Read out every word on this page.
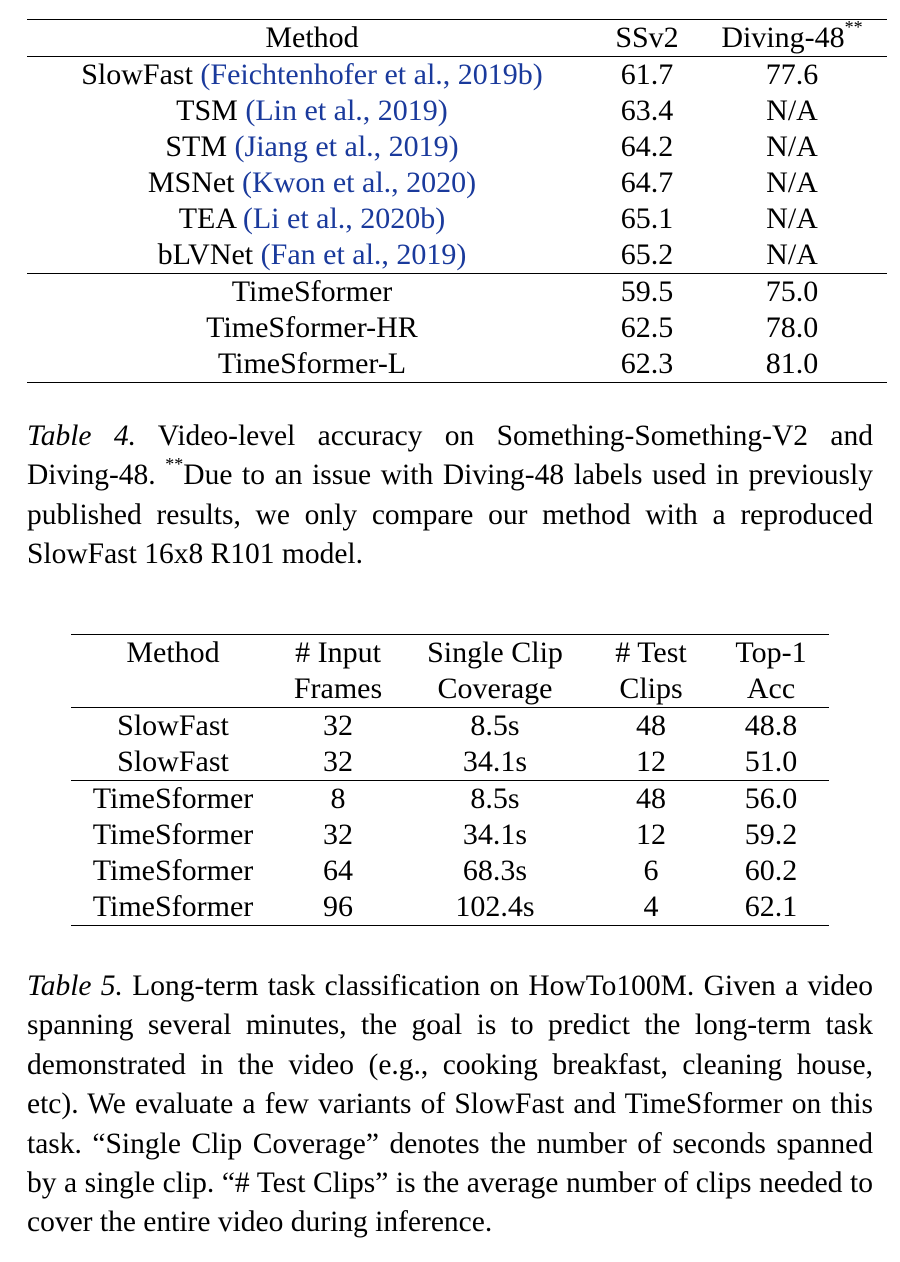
Method	SSv2	Diving-48**
SlowFast (Feichtenhofer et al., 2019b)	61.7	77.6
TSM (Lin et al., 2019)	63.4	N/A
STM (Jiang et al., 2019)	64.2	N/A
MSNet (Kwon et al., 2020)	64.7	N/A
TEA (Li et al., 2020b)	65.1	N/A
bLVNet (Fan et al., 2019)	65.2	N/A
TimeSformer	59.5	75.0
TimeSformer-HR	62.5	78.0
TimeSformer-L	62.3	81.0
Table 4. Video-level accuracy on Something-Something-V2 and Diving-48. **Due to an issue with Diving-48 labels used in previously published results, we only compare our method with a reproduced SlowFast 16x8 R101 model.
Method	# Input	Single Clip	# Test	Top-1
	Frames	Coverage	Clips	Acc
SlowFast	32	8.5s	48	48.8
SlowFast	32	34.1s	12	51.0
TimeSformer	8	8.5s	48	56.0
TimeSformer	32	34.1s	12	59.2
TimeSformer	64	68.3s	6	60.2
TimeSformer	96	102.4s	4	62.1
Table 5. Long-term task classification on HowTo100M. Given a video spanning several minutes, the goal is to predict the long-term task demonstrated in the video (e.g., cooking breakfast, cleaning house, etc). We evaluate a few variants of SlowFast and TimeSformer on this task. “Single Clip Coverage” denotes the number of seconds spanned by a single clip. “# Test Clips” is the average number of clips needed to cover the entire video during inference.
